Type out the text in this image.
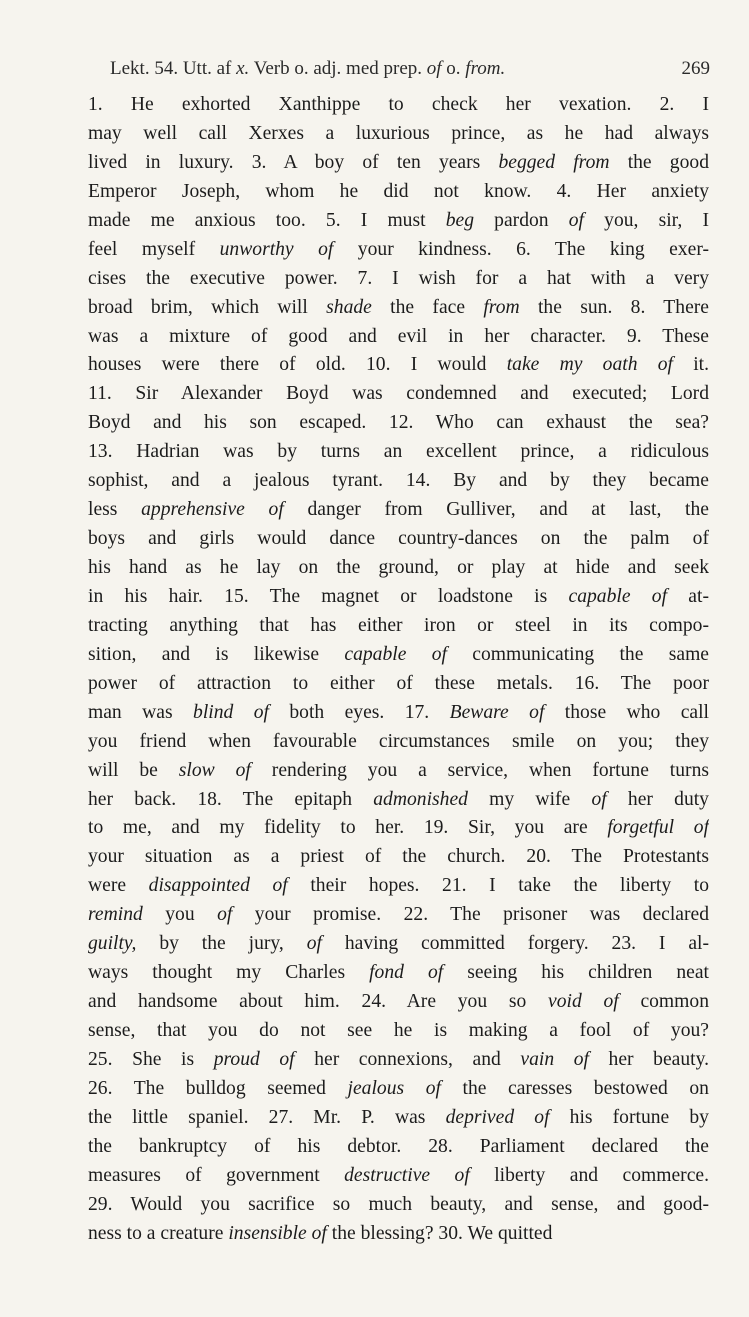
Lekt. 54. Utt. af x. Verb o. adj. med prep. of o. from.	269
1. He exhorted Xanthippe to check her vexation. 2. I
may well call Xerxes a luxurious prince, as he had always
lived in luxury. 3. A boy of ten years begged from the good
Emperor Joseph, whom he did not know. 4. Her anxiety
made me anxious too. 5. I must beg pardon of you, sir, I
feel myself unworthy of your kindness. 6. The king exer-
cises the executive power. 7. I wish for a hat with a very
broad brim, which will shade the face from the sun. 8. There
was a mixture of good and evil in her character. 9. These
houses were there of old. 10. I would take my oath of it.
11. Sir Alexander Boyd was condemned and executed; Lord
Boyd and his son escaped. 12. Who can exhaust the sea?
13. Hadrian was by turns an excellent prince, a ridiculous
sophist, and a jealous tyrant. 14. By and by they became
less apprehensive of danger from Gulliver, and at last, the
boys and girls would dance country-dances on the palm of
his hand as he lay on the ground, or play at hide and seek
in his hair. 15. The magnet or loadstone is capable of at-
tracting anything that has either iron or steel in its compo-
sition, and is likewise capable of communicating the same
power of attraction to either of these metals. 16. The poor
man was blind of both eyes. 17. Beware of those who call
you friend when favourable circumstances smile on you; they
will be slow of rendering you a service, when fortune turns
her back. 18. The epitaph admonished my wife of her duty
to me, and my fidelity to her. 19. Sir, you are forgetful of
your situation as a priest of the church. 20. The Protestants
were disappointed of their hopes. 21. I take the liberty to
remind you of your promise. 22. The prisoner was declared
guilty, by the jury, of having committed forgery. 23. I al-
ways thought my Charles fond of seeing his children neat
and handsome about him. 24. Are you so void of common
sense, that you do not see he is making a fool of you?
25. She is proud of her connexions, and vain of her beauty.
26. The bulldog seemed jealous of the caresses bestowed on
the little spaniel. 27. Mr. P. was deprived of his fortune by
the bankruptcy of his debtor. 28. Parliament declared the
measures of government destructive of liberty and commerce.
29. Would you sacrifice so much beauty, and sense, and good-
ness to a creature insensible of the blessing? 30. We quitted
